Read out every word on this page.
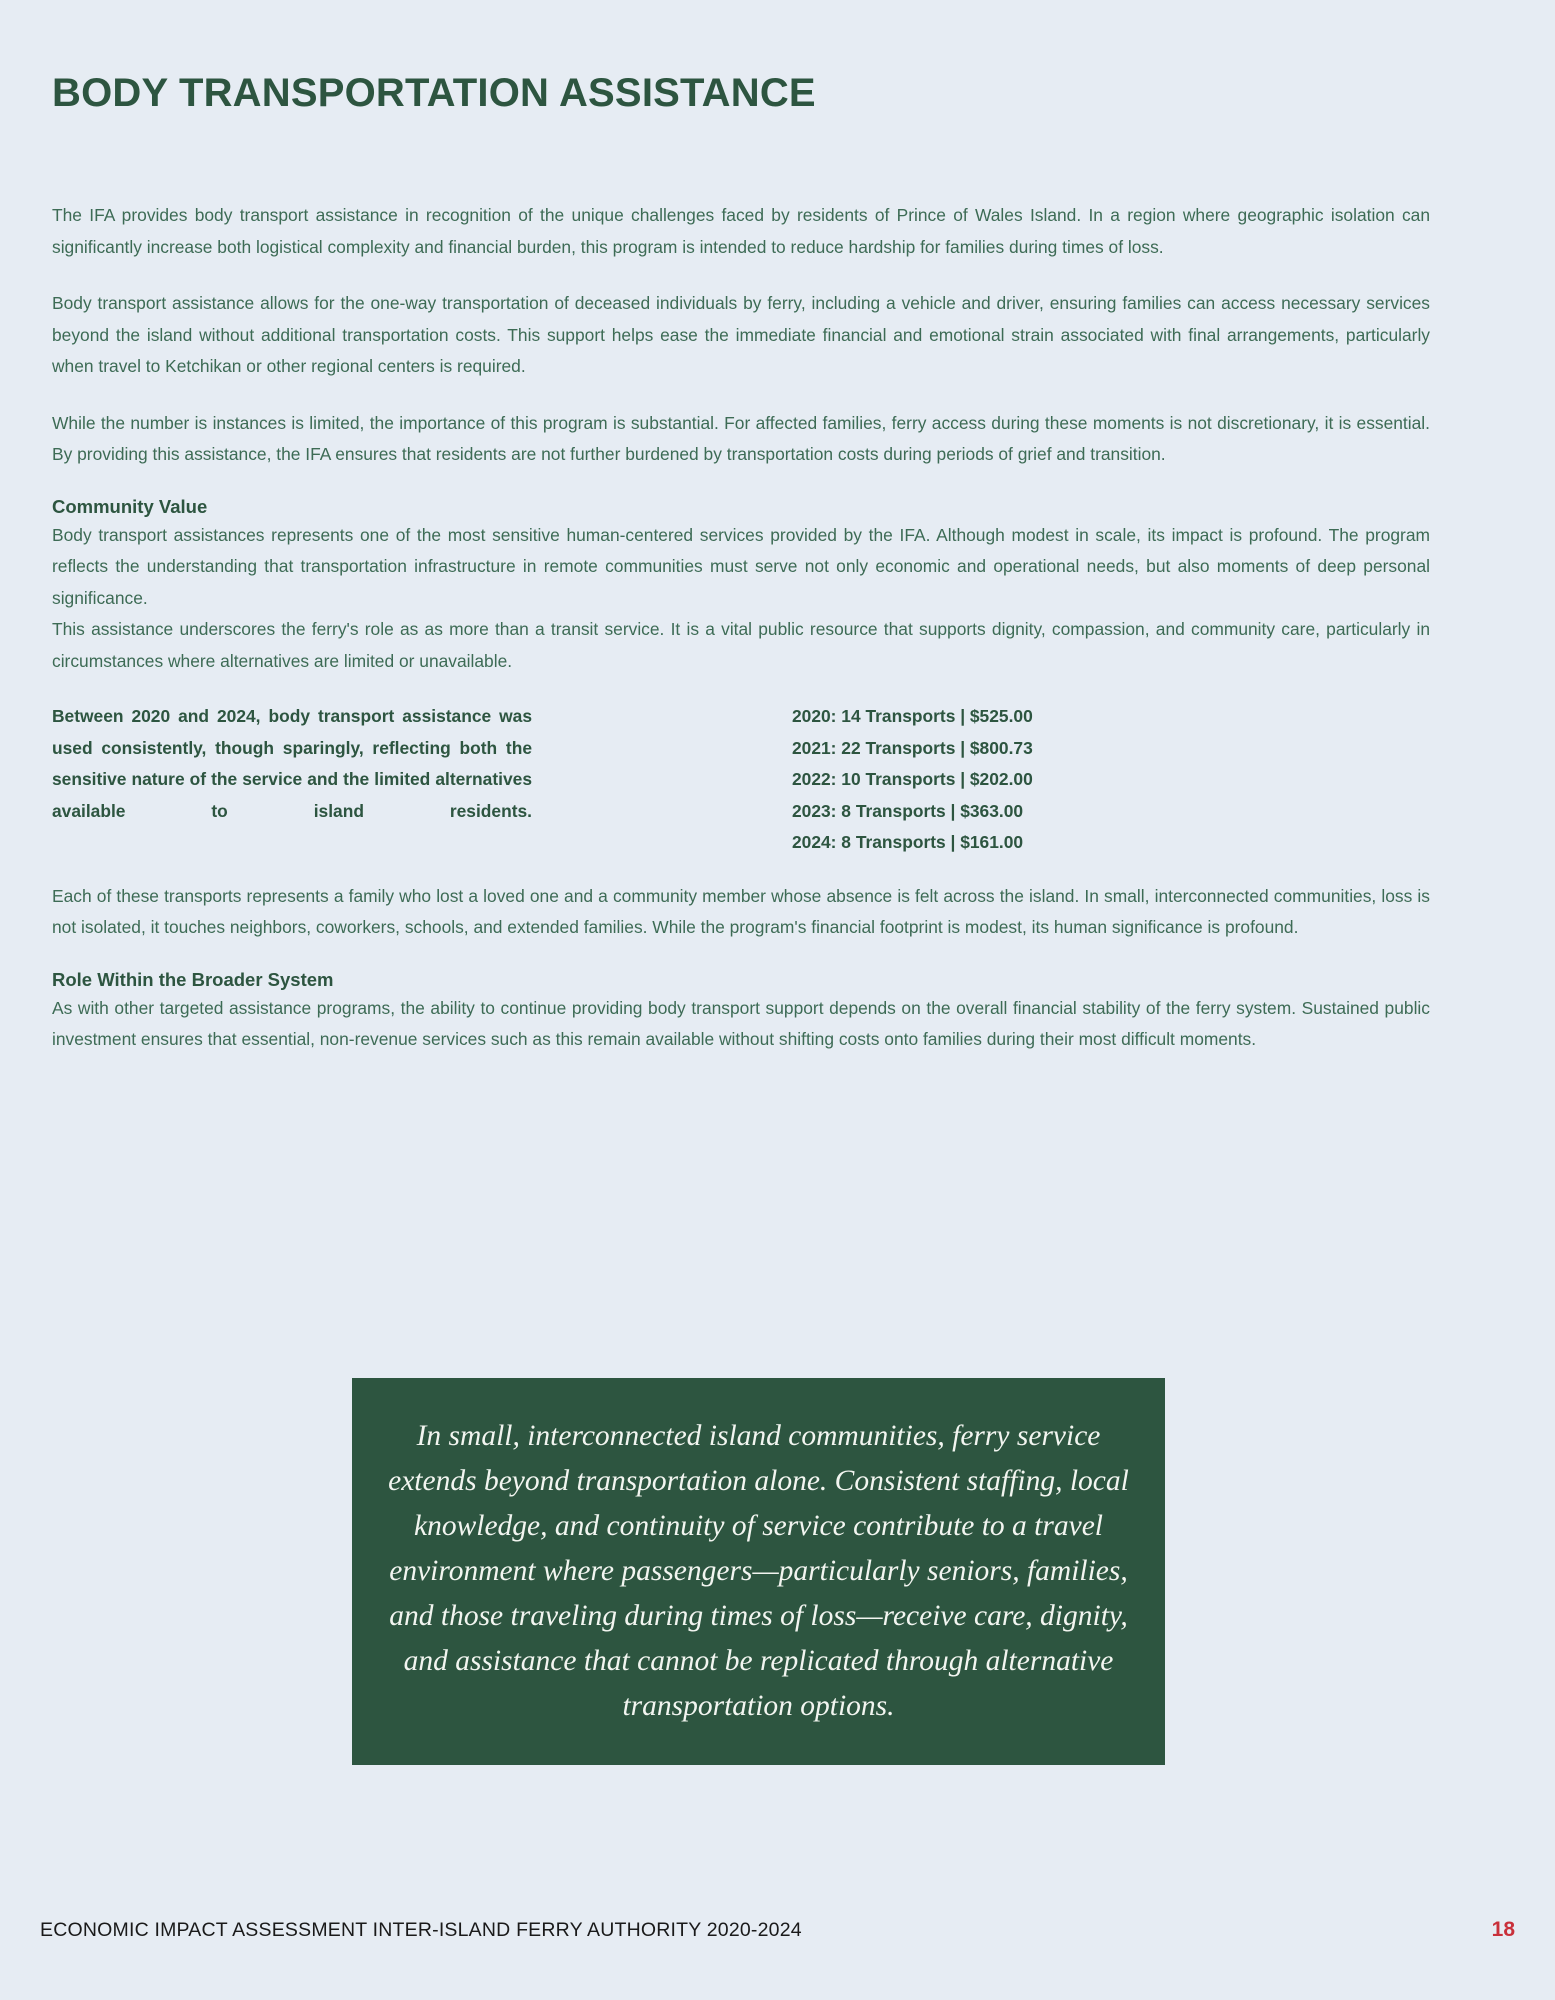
BODY TRANSPORTATION ASSISTANCE

The IFA provides body transport assistance in recognition of the unique challenges faced by residents of Prince of Wales Island. In a region where geographic isolation can significantly increase both logistical complexity and financial burden, this program is intended to reduce hardship for families during times of loss.

Body transport assistance allows for the one-way transportation of deceased individuals by ferry, including a vehicle and driver, ensuring families can access necessary services beyond the island without additional transportation costs. This support helps ease the immediate financial and emotional strain associated with final arrangements, particularly when travel to Ketchikan or other regional centers is required.

While the number is instances is limited, the importance of this program is substantial. For affected families, ferry access during these moments is not discretionary, it is essential. By providing this assistance, the IFA ensures that residents are not further burdened by transportation costs during periods of grief and transition.

Community Value

Body transport assistances represents one of the most sensitive human-centered services provided by the IFA. Although modest in scale, its impact is profound. The program reflects the understanding that transportation infrastructure in remote communities must serve not only economic and operational needs, but also moments of deep personal significance.

This assistance underscores the ferry's role as as more than a transit service. It is a vital public resource that supports dignity, compassion, and community care, particularly in circumstances where alternatives are limited or unavailable.

Between 2020 and 2024, body transport assistance was used consistently, though sparingly, reflecting both the sensitive nature of the service and the limited alternatives available to island residents.
2020: 14 Transports | $525.00
2021: 22 Transports | $800.73
2022: 10 Transports | $202.00
2023: 8 Transports | $363.00
2024: 8 Transports | $161.00

Each of these transports represents a family who lost a loved one and a community member whose absence is felt across the island. In small, interconnected communities, loss is not isolated, it touches neighbors, coworkers, schools, and extended families. While the program's financial footprint is modest, its human significance is profound.

Role Within the Broader System

As with other targeted assistance programs, the ability to continue providing body transport support depends on the overall financial stability of the ferry system. Sustained public investment ensures that essential, non-revenue services such as this remain available without shifting costs onto families during their most difficult moments.

In small, interconnected island communities, ferry service extends beyond transportation alone. Consistent staffing, local knowledge, and continuity of service contribute to a travel environment where passengers—particularly seniors, families, and those traveling during times of loss—receive care, dignity, and assistance that cannot be replicated through alternative transportation options.
ECONOMIC IMPACT ASSESSMENT INTER-ISLAND FERRY AUTHORITY 2020-2024	18
